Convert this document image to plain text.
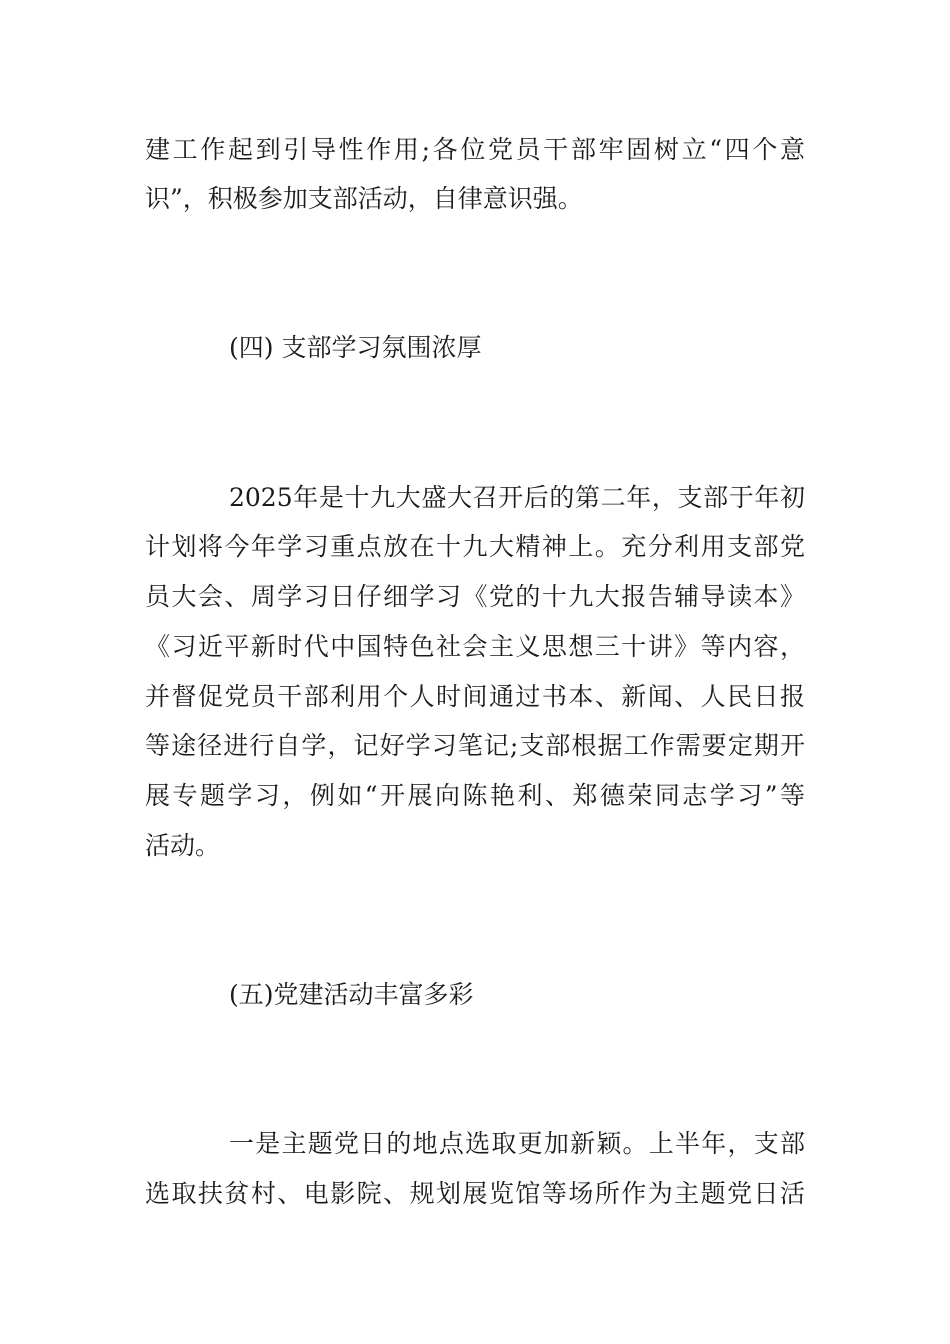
建工作起到引导性作用;各位党员干部牢固树立“四个意
识”，积极参加支部活动，自律意识强。
(四) 支部学习氛围浓厚
2025年是十九大盛大召开后的第二年，支部于年初
计划将今年学习重点放在十九大精神上。充分利用支部党
员大会、周学习日仔细学习《党的十九大报告辅导读本》
《习近平新时代中国特色社会主义思想三十讲》等内容，
并督促党员干部利用个人时间通过书本、新闻、人民日报
等途径进行自学，记好学习笔记;支部根据工作需要定期开
展专题学习，例如“开展向陈艳利、郑德荣同志学习”等
活动。
(五)党建活动丰富多彩
一是主题党日的地点选取更加新颖。上半年，支部
选取扶贫村、电影院、规划展览馆等场所作为主题党日活
